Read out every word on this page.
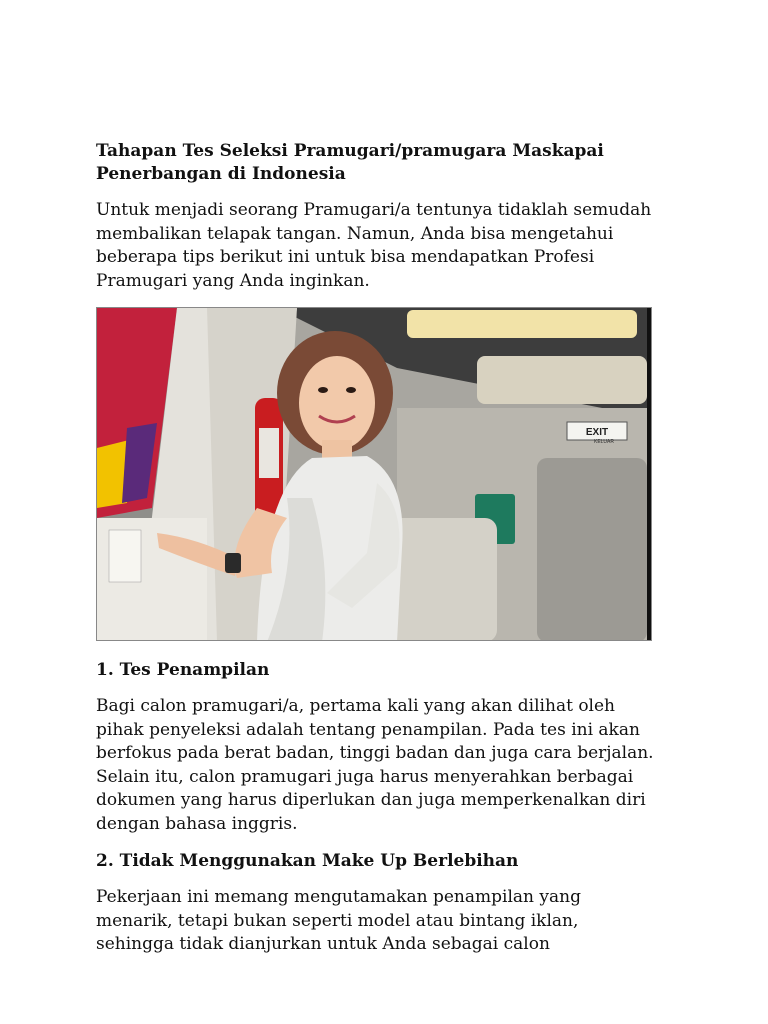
Tahapan Tes Seleksi Pramugari/pramugara Maskapai Penerbangan di Indonesia
Untuk menjadi seorang Pramugari/a tentunya tidaklah semudah membalikan telapak tangan. Namun, Anda bisa mengetahui beberapa tips berikut ini untuk bisa mendapatkan Profesi Pramugari yang Anda inginkan.
EXIT
KELUAR
1. Tes Penampilan
Bagi calon pramugari/a, pertama kali yang akan dilihat oleh pihak penyeleksi adalah tentang penampilan. Pada tes ini akan berfokus pada berat badan, tinggi badan dan juga cara berjalan. Selain itu, calon pramugari juga harus menyerahkan berbagai dokumen yang harus diperlukan dan juga memperkenalkan diri dengan bahasa inggris.
2. Tidak Menggunakan Make Up Berlebihan
Pekerjaan ini memang mengutamakan penampilan yang menarik, tetapi bukan seperti model atau bintang iklan, sehingga tidak dianjurkan untuk Anda sebagai calon
